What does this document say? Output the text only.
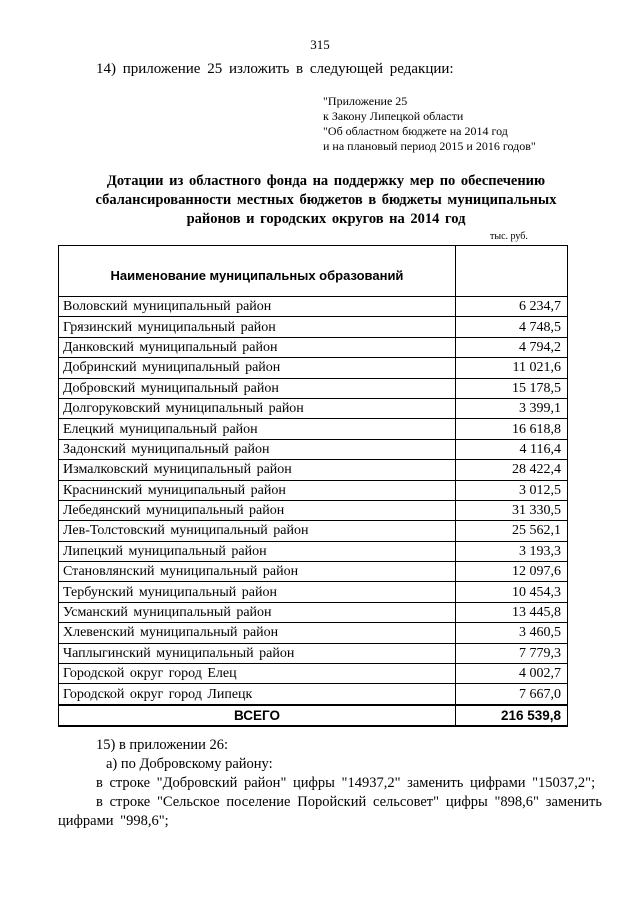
315
14) приложение 25 изложить в следующей редакции:
"Приложение 25
к Закону Липецкой области
"Об областном бюджете на 2014 год
и на плановый период 2015 и 2016 годов"
Дотации из областного фонда на поддержку мер по обеспечению сбалансированности местных бюджетов в бюджеты муниципальных районов и городских округов на 2014 год
тыс. руб.
Наименование муниципальных образований	
Воловский муниципальный район	6 234,7
Грязинский муниципальный район	4 748,5
Данковский муниципальный район	4 794,2
Добринский муниципальный район	11 021,6
Добровский муниципальный район	15 178,5
Долгоруковский муниципальный район	3 399,1
Елецкий муниципальный район	16 618,8
Задонский муниципальный район	4 116,4
Измалковский муниципальный район	28 422,4
Краснинский муниципальный район	3 012,5
Лебедянский муниципальный район	31 330,5
Лев-Толстовский муниципальный район	25 562,1
Липецкий муниципальный район	3 193,3
Становлянский муниципальный район	12 097,6
Тербунский муниципальный район	10 454,3
Усманский муниципальный район	13 445,8
Хлевенский муниципальный район	3 460,5
Чаплыгинский муниципальный район	7 779,3
Городской округ город Елец	4 002,7
Городской округ город Липецк	7 667,0
ВСЕГО	216 539,8

15) в приложении 26:

а) по Добровскому району:

в строке "Добровский район" цифры "14937,2" заменить цифрами "15037,2";

в строке "Сельское поселение Поройский сельсовет" цифры "898,6" заменить цифрами "998,6";
